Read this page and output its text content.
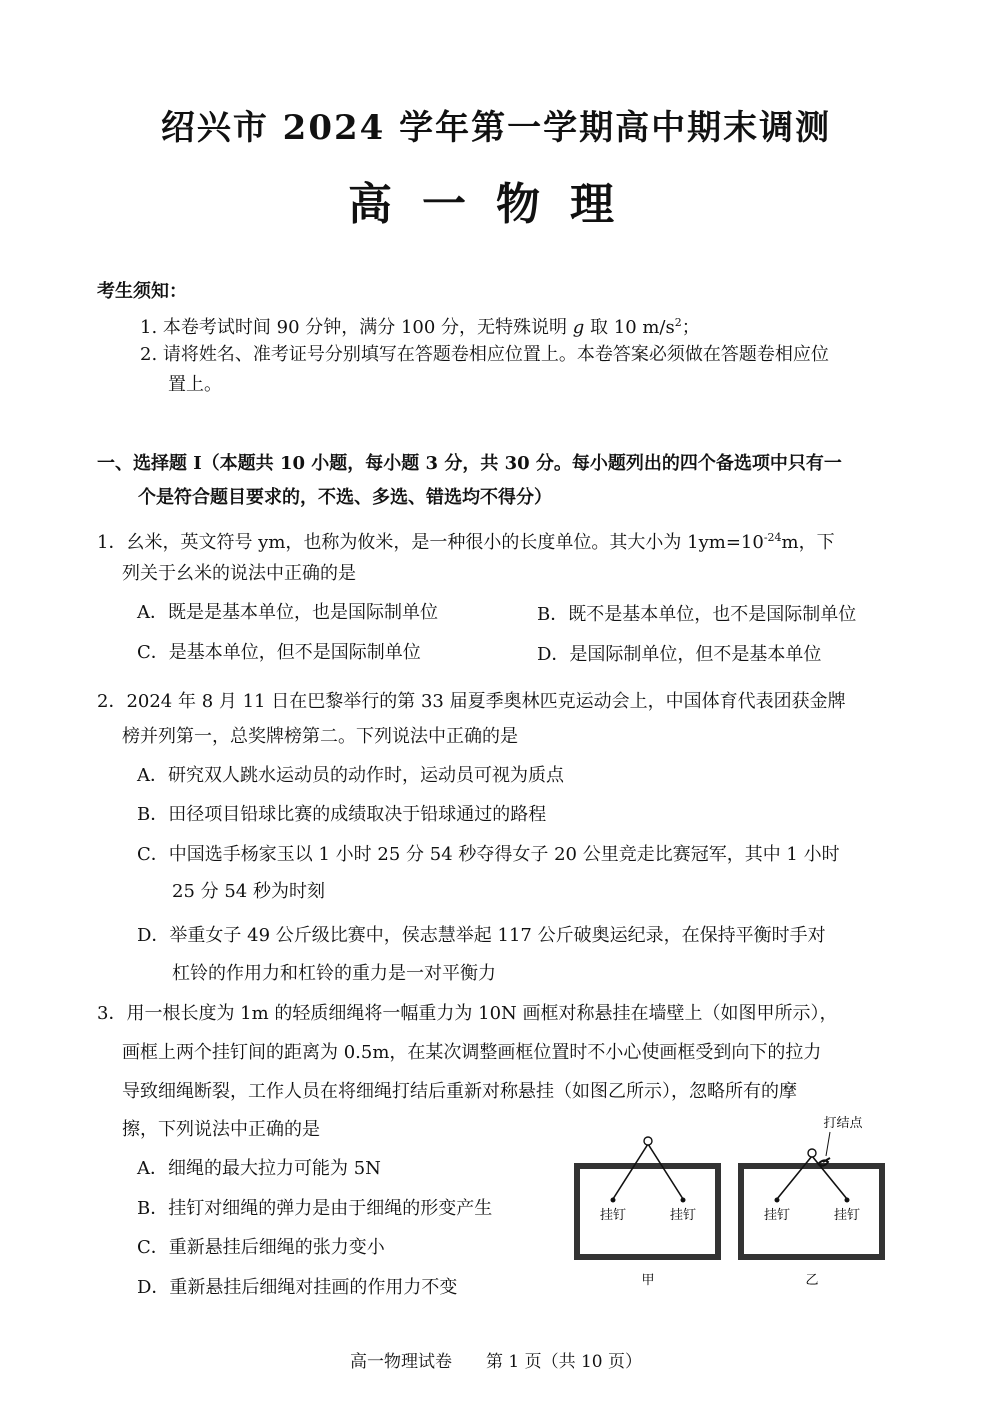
绍兴市 2024 学年第一学期高中期末调测
高一物理
考生须知：
1. 本卷考试时间 90 分钟，满分 100 分，无特殊说明 g 取 10 $m/s^2$；
2. 请将姓名、准考证号分别填写在答题卷相应位置上。本卷答案必须做在答题卷相应位
置上。
一、选择题 I（本题共 10 小题，每小题 3 分，共 30 分。每小题列出的四个备选项中只有一
个是符合题目要求的，不选、多选、错选均不得分）
1．幺米，英文符号 ym，也称为攸米，是一种很小的长度单位。其大小为 $1ym=10^{-24}m$，下
列关于幺米的说法中正确的是
A．既是是基本单位，也是国际制单位	B．既不是基本单位，也不是国际制单位
C．是基本单位，但不是国际制单位	D．是国际制单位，但不是基本单位
2．2024 年 8 月 11 日在巴黎举行的第 33 届夏季奥林匹克运动会上，中国体育代表团获金牌
榜并列第一，总奖牌榜第二。下列说法中正确的是
A．研究双人跳水运动员的动作时，运动员可视为质点
B．田径项目铅球比赛的成绩取决于铅球通过的路程
C．中国选手杨家玉以 1 小时 25 分 54 秒夺得女子 20 公里竞走比赛冠军，其中 1 小时
25 分 54 秒为时刻
D．举重女子 49 公斤级比赛中，侯志慧举起 117 公斤破奥运纪录，在保持平衡时手对
杠铃的作用力和杠铃的重力是一对平衡力
3．用一根长度为 1m 的轻质细绳将一幅重力为 10N 画框对称悬挂在墙壁上（如图甲所示），
画框上两个挂钉间的距离为 0.5m，在某次调整画框位置时不小心使画框受到向下的拉力
导致细绳断裂，工作人员在将细绳打结后重新对称悬挂（如图乙所示），忽略所有的摩
擦，下列说法中正确的是
A．细绳的最大拉力可能为 5N
B．挂钉对细绳的弹力是由于细绳的形变产生
C．重新悬挂后细绳的张力变小
D．重新悬挂后细绳对挂画的作用力不变
挂钉	挂钉
甲
打结点
挂钉	挂钉
乙
高一物理试卷　　第 1 页（共 10 页）
